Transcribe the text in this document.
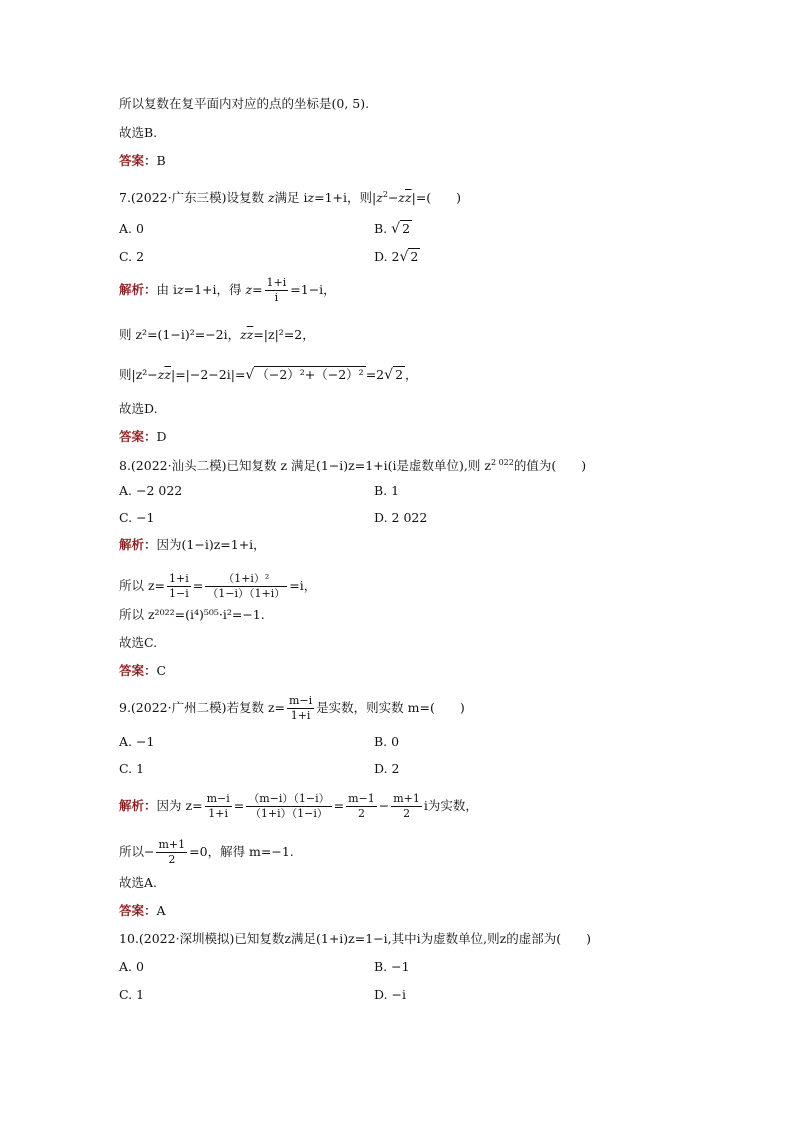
所以复数在复平面内对应的点的坐标是(0, 5).
故选B.
答案：B
7.(2022·广东三模)设复数 z满足 iz=1+i，则$|z^2-z\overline{z}|=$(　　)
A. 0	B. √ 2
C. 2	D. 2√ 2
解析：由 iz=1+i，得 $z= \frac{1+i}{i} =1-i$，
则 z²=(1−i)²=−2i，$z\overline{z}=|z|^2=2$，
则$|z^2-z\overline{z}|=|-2-2i|=√$ （−2）²+（−2）² =2√ 2 ，
故选D.
答案：D
8.(2022·汕头二模)已知复数 z 满足(1−i)z=1+i(i是虚数单位),则 $z^{2 022}$的值为(　　)
A. −2 022	B. 1
C. −1	D. 2 022
解析：因为(1−i)z=1+i，
所以 $z= \frac{1+i}{1-i} = \frac{\text{（1+i）²}}{(1-i)(1+i)} =i$，
所以 z²⁰²²=(i⁴)⁵⁰⁵·i²=−1.
故选C.
答案：C
9.(2022·广州二模)若复数 $z= \frac{m-i}{1+i}$ 是实数，则实数 m=(　　)
A. −1	B. 0
C. 1	D. 2
解析：因为 $z= \frac{m-i}{1+i} = \frac{(m-i)(1-i)}{(1+i)(1-i)} = \frac{m-1}{2} - \frac{m+1}{2}$ i为实数，
所以− $\frac{m+1}{2} =0$，解得 m=−1.
故选A.
答案：A
10.(2022·深圳模拟)已知复数z满足(1+i)z=1−i,其中i为虚数单位,则z的虚部为(　　)
A. 0	B. −1
C. 1	D. −i
